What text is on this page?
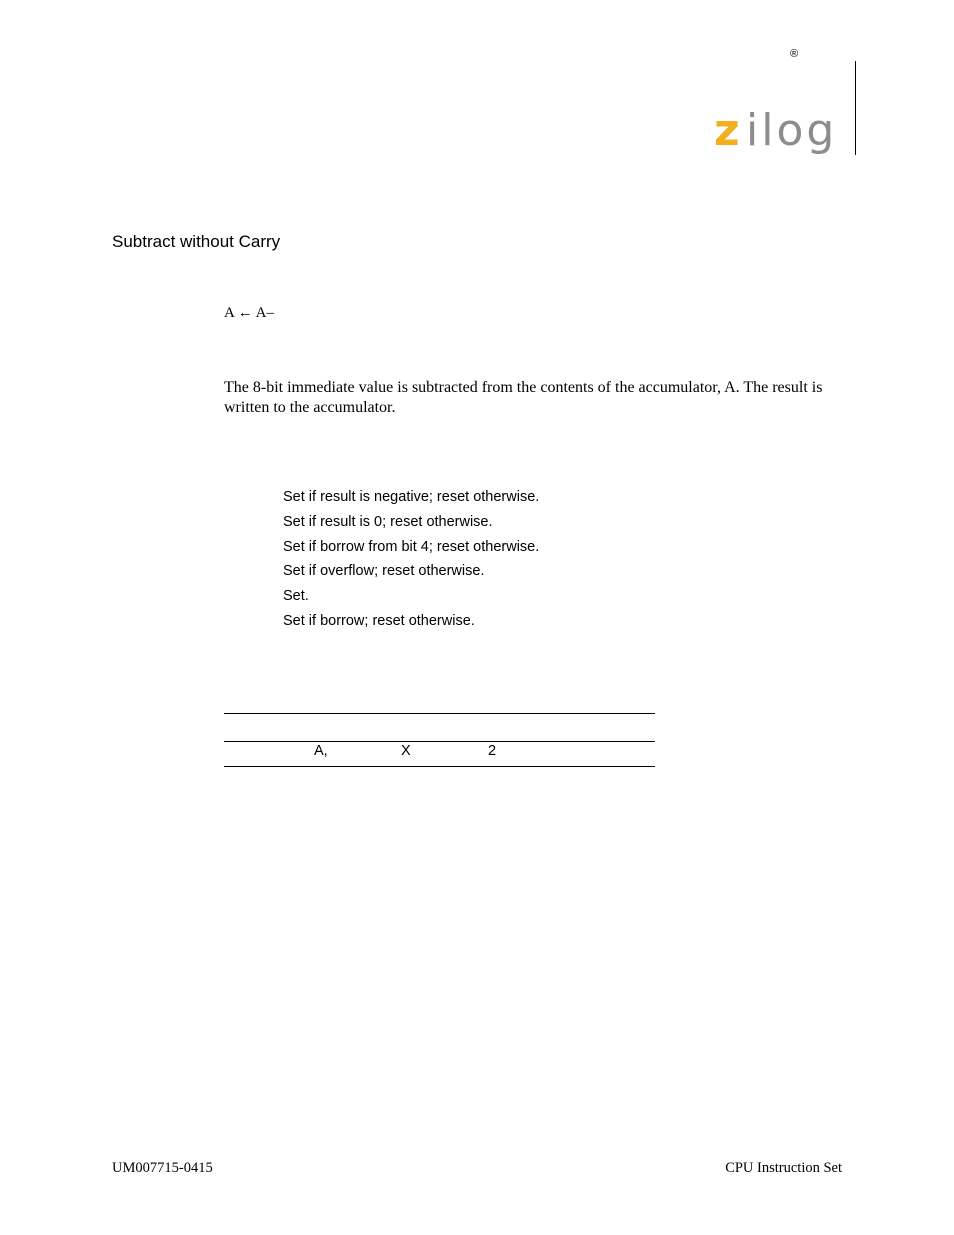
®
z ilog
Subtract without Carry
A ← A–
The 8-bit immediate value is subtracted from the contents of the accumulator, A. The result is written to the accumulator.
Set if result is negative; reset otherwise.
Set if result is 0; reset otherwise.
Set if borrow from bit 4; reset otherwise.
Set if overflow; reset otherwise.
Set.
Set if borrow; reset otherwise.
A,	X	2
UM007715-0415	CPU Instruction Set
